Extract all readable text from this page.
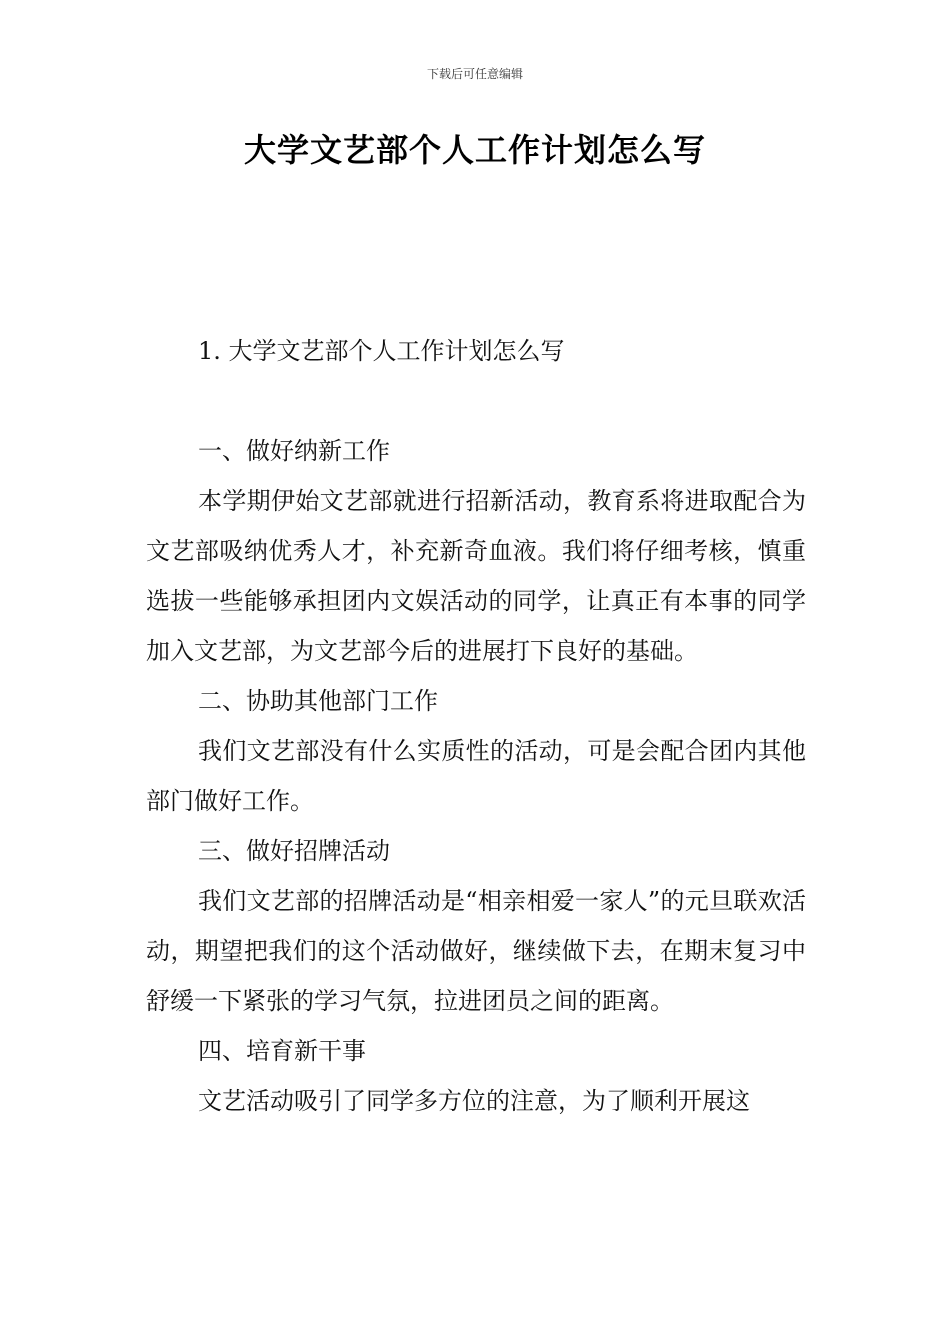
下载后可任意编辑
大学文艺部个人工作计划怎么写

1. 大学文艺部个人工作计划怎么写

一、做好纳新工作

本学期伊始文艺部就进行招新活动，教育系将进取配合为文艺部吸纳优秀人才，补充新奇血液。我们将仔细考核，慎重选拔一些能够承担团内文娱活动的同学，让真正有本事的同学加入文艺部，为文艺部今后的进展打下良好的基础。

二、协助其他部门工作

我们文艺部没有什么实质性的活动，可是会配合团内其他部门做好工作。

三、做好招牌活动

我们文艺部的招牌活动是“相亲相爱一家人”的元旦联欢活动，期望把我们的这个活动做好，继续做下去，在期末复习中舒缓一下紧张的学习气氛，拉进团员之间的距离。

四、培育新干事

文艺活动吸引了同学多方位的注意，为了顺利开展这
